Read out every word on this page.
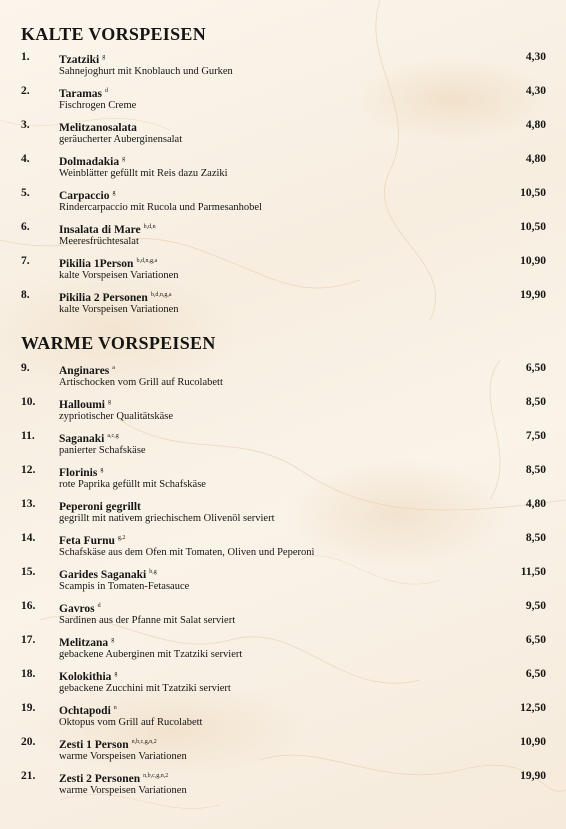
KALTE VORSPEISEN
1.	Tzatziki $^g$
Sahnejoghurt mit Knoblauch und Gurken
4,30
2.	Taramas $^d$
Fischrogen Creme
4,30
3.	Melitzanosalata
geräucherter Auberginensalat
4,80
4.	Dolmadakia $^g$
Weinblätter gefüllt mit Reis dazu Zaziki
4,80
5.	Carpaccio $^g$
Rindercarpaccio mit Rucola und Parmesanhobel
10,50
6.	Insalata di Mare $^{b,d,n}$
Meeresfrüchtesalat
10,50
7.	Pikilia 1Person $^{b,d,n,g,a}$
kalte Vorspeisen Variationen
10,90
8.	Pikilia 2 Personen $^{b,d,n,g,a}$
kalte Vorspeisen Variationen
19,90
WARME VORSPEISEN
9.	Anginares $^a$
Artischocken vom Grill auf Rucolabett
6,50
10. Halloumi $^g$
zypriotischer Qualitätskäse
8,50
11. Saganaki $^{a,c,g}$
panierter Schafskäse
7,50
12. Florinis $^g$
rote Paprika gefüllt mit Schafskäse
8,50
13. Peperoni gegrillt
gegrillt mit nativem griechischem Olivenöl serviert
4,80
14. Feta Furnu $^{g,2}$
Schafskäse aus dem Ofen mit Tomaten, Oliven und Peperoni
8,50
15. Garides Saganaki $^{b,g}$
Scampis in Tomaten-Fetasauce
11,50
16. Gavros $^d$
Sardinen aus der Pfanne mit Salat serviert
9,50
17. Melitzana $^g$
gebackene Auberginen mit Tzatziki serviert
6,50
18. Kolokithia $^g$
gebackene Zucchini mit Tzatziki serviert
6,50
19. Ochtapodi $^n$
Oktopus vom Grill auf Rucolabett
12,50
20. Zesti 1 Person $^{n,b,c,g,n,2}$
warme Vorspeisen Variationen
10,90
21. Zesti 2 Personen $^{n,b,c,g,n,2}$
warme Vorspeisen Variationen
19,90
